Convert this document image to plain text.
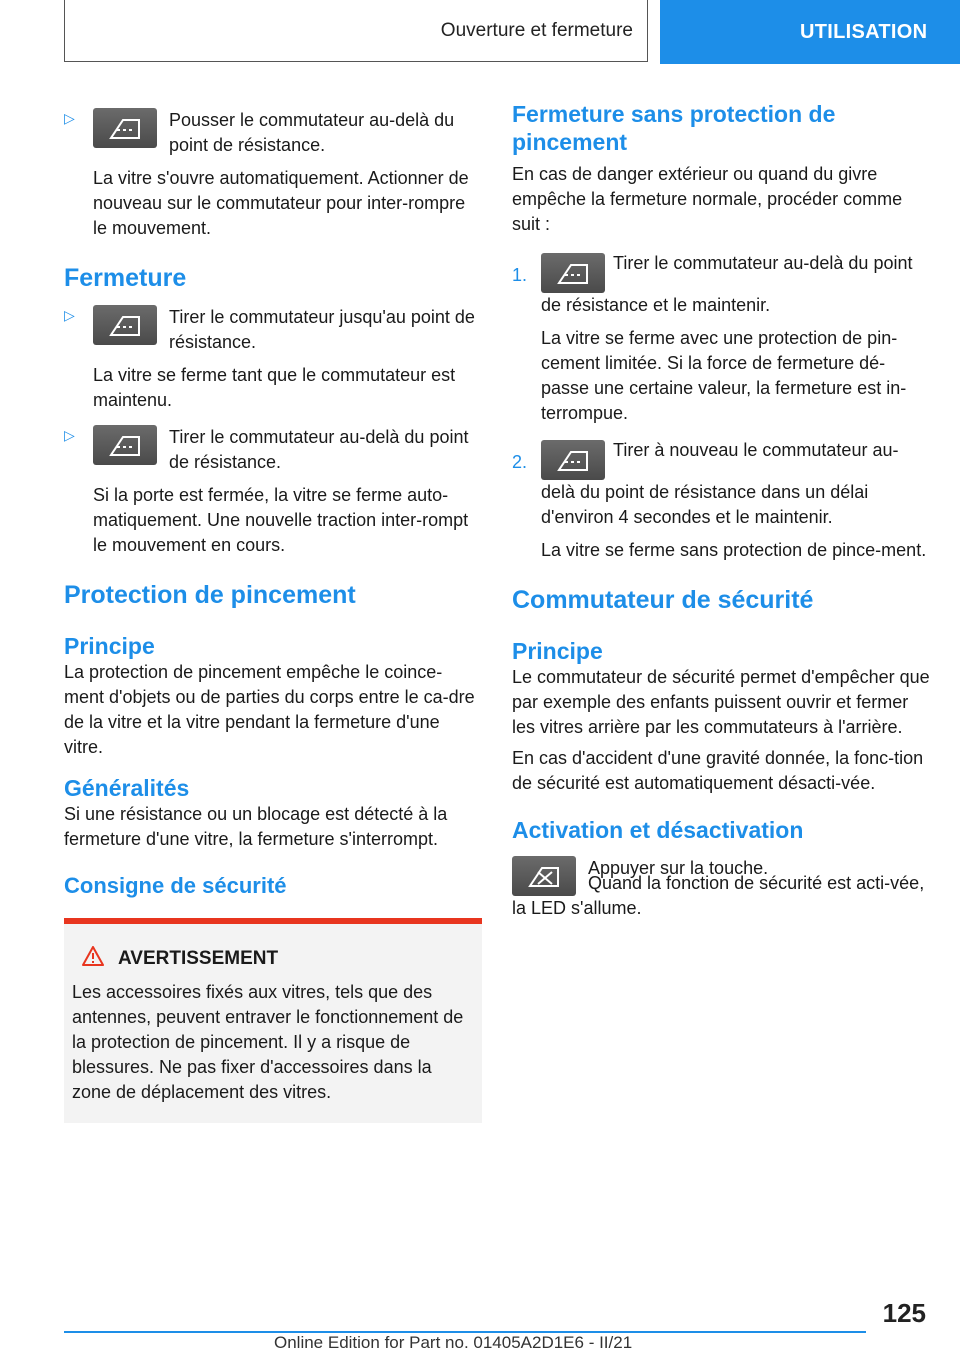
Ouverture et fermeture	UTILISATION
▷	Pousser le commutateur au-delà du point de résistance.

La vitre s'ouvre automatiquement. Actionner de nouveau sur le commutateur pour inter-rompre le mouvement.

Fermeture
▷	Tirer le commutateur jusqu'au point de résistance.

La vitre se ferme tant que le commutateur est maintenu.

▷	Tirer le commutateur au-delà du point de résistance.

Si la porte est fermée, la vitre se ferme auto-matiquement. Une nouvelle traction inter-rompt le mouvement en cours.

Protection de pincement
Principe

La protection de pincement empêche le coince-ment d'objets ou de parties du corps entre le ca-dre de la vitre et la vitre pendant la fermeture d'une vitre.

Généralités

Si une résistance ou un blocage est détecté à la fermeture d'une vitre, la fermeture s'interrompt.

Consigne de sécurité
AVERTISSEMENT

Les accessoires fixés aux vitres, tels que des antennes, peuvent entraver le fonctionnement de la protection de pincement. Il y a risque de blessures. Ne pas fixer d'accessoires dans la zone de déplacement des vitres.

Fermeture sans protection de pincement

En cas de danger extérieur ou quand du givre empêche la fermeture normale, procéder comme suit :

1.

Tirer le commutateur au-delà du point de résistance et le maintenir.

La vitre se ferme avec une protection de pin-cement limitée. Si la force de fermeture dé-passe une certaine valeur, la fermeture est in-terrompue.

2.

Tirer à nouveau le commutateur au-delà du point de résistance dans un délai d'environ 4 secondes et le maintenir.

La vitre se ferme sans protection de pince-ment.

Commutateur de sécurité
Principe

Le commutateur de sécurité permet d'empêcher que par exemple des enfants puissent ouvrir et fermer les vitres arrière par les commutateurs à l'arrière.

En cas d'accident d'une gravité donnée, la fonc-tion de sécurité est automatiquement désacti-vée.

Activation et désactivation

Appuyer sur la touche.

Quand la fonction de sécurité est acti-vée, la LED s'allume.

125
Online Edition for Part no. 01405A2D1E6 - II/21
